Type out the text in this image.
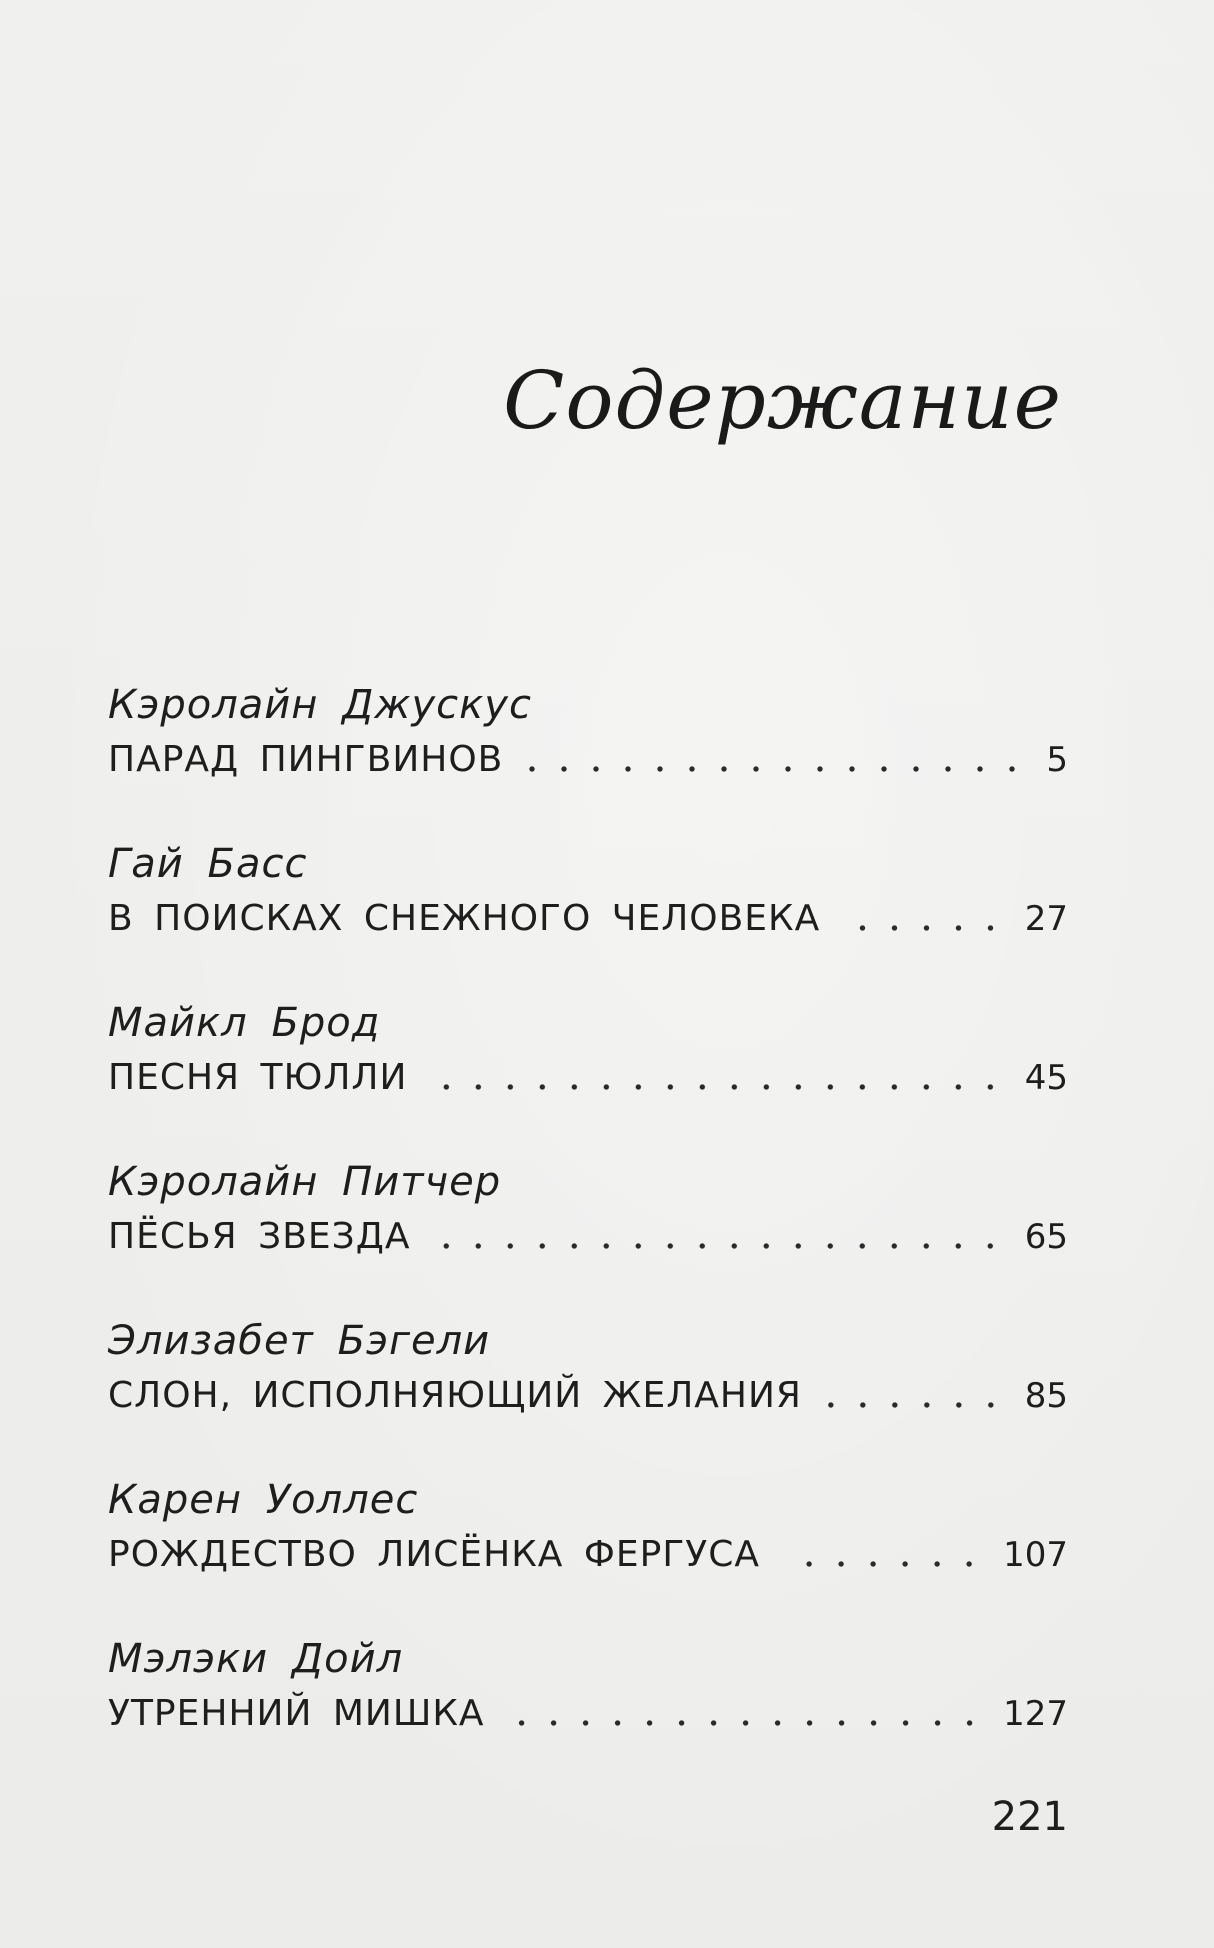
Содержание
Кэролайн Джускус
ПАРАД ПИНГВИНОВ	5
Гай Басс
В ПОИСКАХ СНЕЖНОГО ЧЕЛОВЕКА	27
Майкл Брод
ПЕСНЯ ТЮЛЛИ	45
Кэролайн Питчер
ПЁСЬЯ ЗВЕЗДА	65
Элизабет Бэгели
СЛОН, ИСПОЛНЯЮЩИЙ ЖЕЛАНИЯ	85
Карен Уоллес
РОЖДЕСТВО ЛИСЁНКА ФЕРГУСА	107
Мэлэки Дойл
УТРЕННИЙ МИШКА	127
221
